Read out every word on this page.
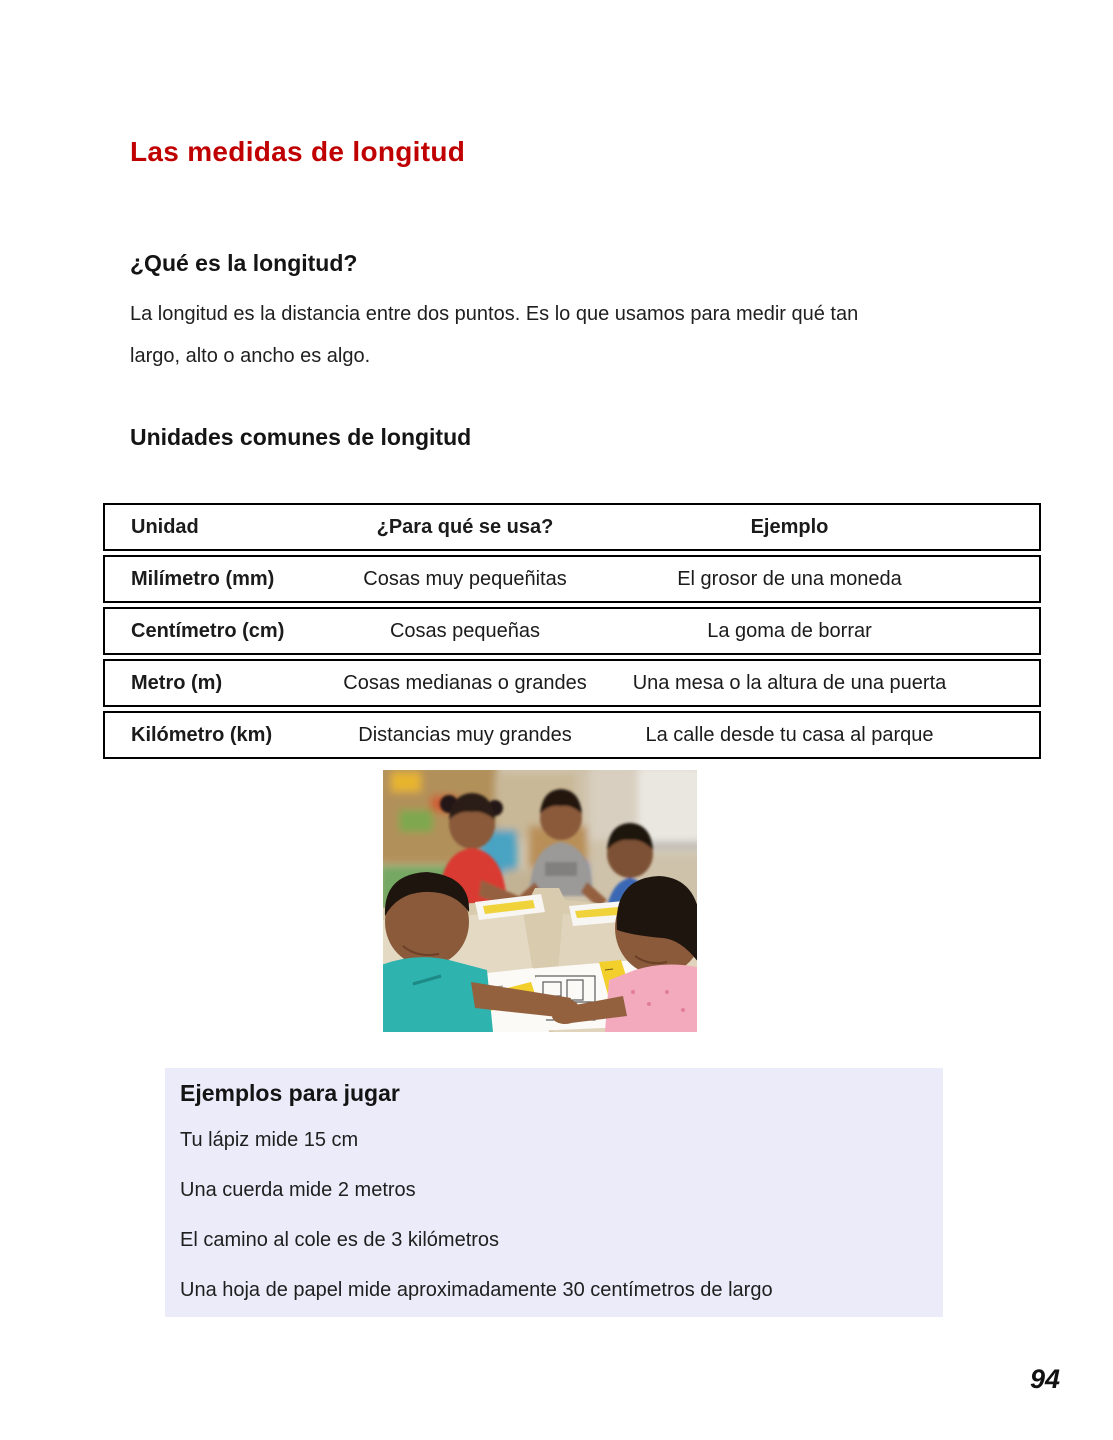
Las medidas de longitud
¿Qué es la longitud?
La longitud es la distancia entre dos puntos. Es lo que usamos para medir qué tan
largo, alto o ancho es algo.
Unidades comunes de longitud
Unidad	¿Para qué se usa?	Ejemplo
Milímetro (mm)	Cosas muy pequeñitas	El grosor de una moneda
Centímetro (cm)	Cosas pequeñas	La goma de borrar
Metro (m)	Cosas medianas o grandes	Una mesa o la altura de una puerta
Kilómetro (km)	Distancias muy grandes	La calle desde tu casa al parque
Ejemplos para jugar
Tu lápiz mide 15 cm
Una cuerda mide 2 metros
El camino al cole es de 3 kilómetros
Una hoja de papel mide aproximadamente 30 centímetros de largo
94
